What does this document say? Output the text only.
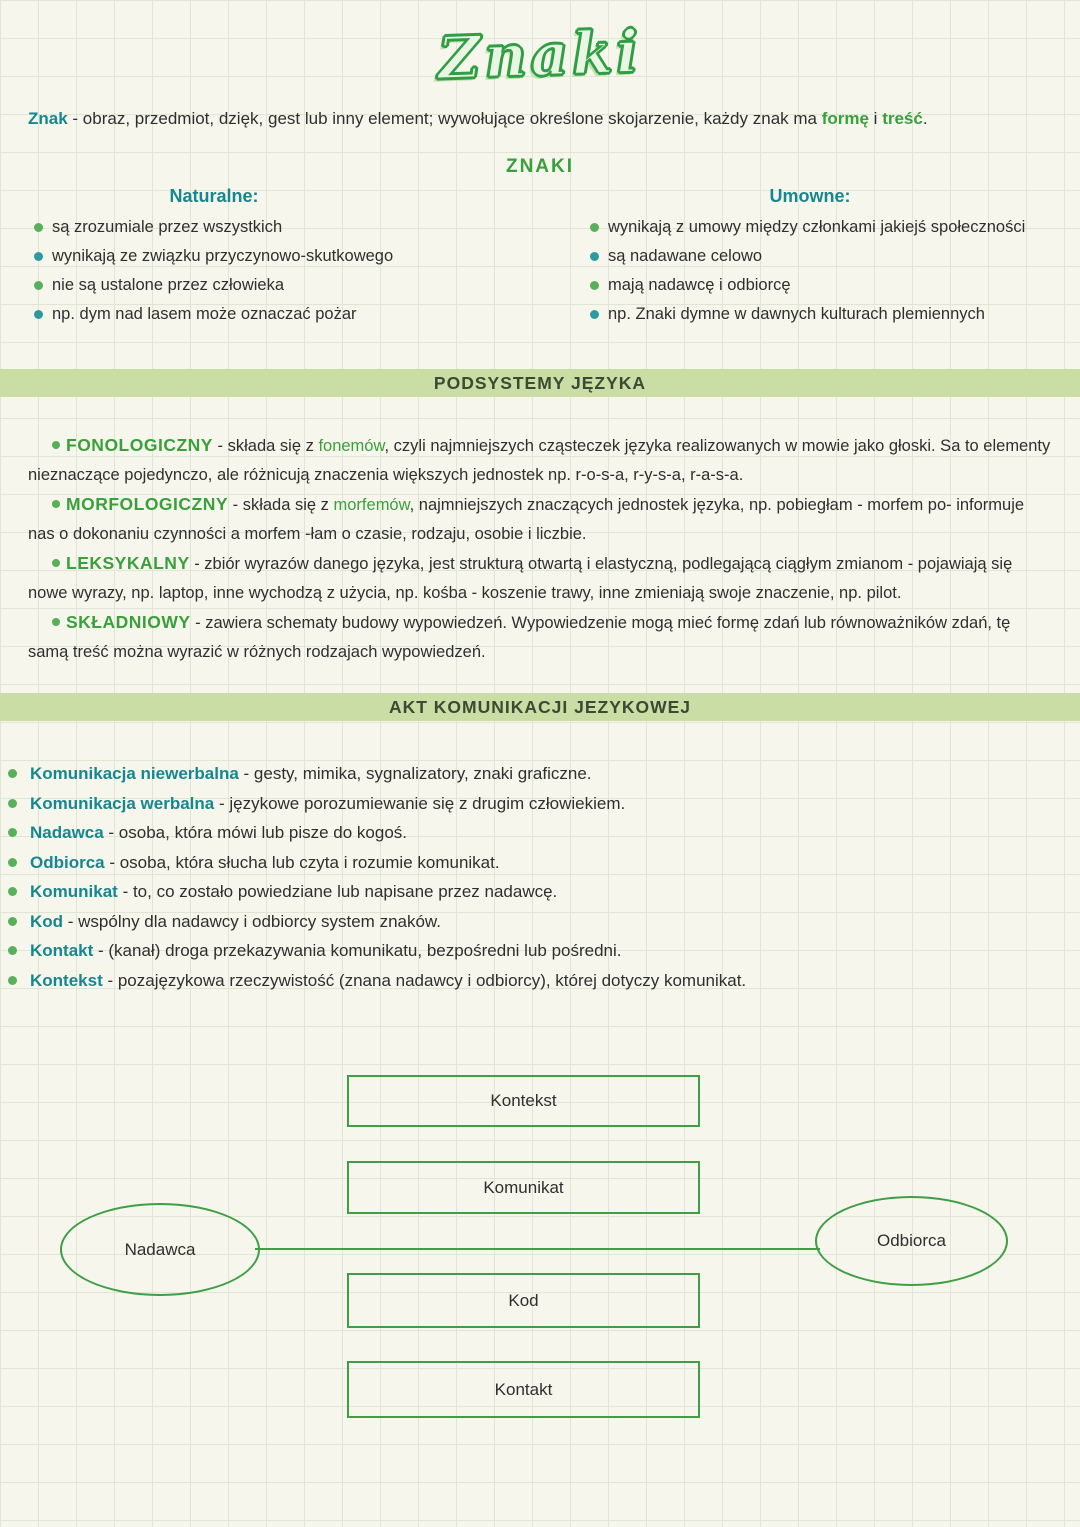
Znaki
Znak - obraz, przedmiot, dzięk, gest lub inny element; wywołujące określone skojarzenie, każdy znak ma formę i treść.
ZNAKI
Naturalne:
są zrozumiale przez wszystkich
wynikają ze związku przyczynowo-skutkowego
nie są ustalone przez człowieka
np. dym nad lasem może oznaczać pożar
Umowne:
wynikają z umowy między członkami jakiejś społeczności
są nadawane celowo
mają nadawcę i odbiorcę
np. Znaki dymne w dawnych kulturach plemiennych
PODSYSTEMY JĘZYKA

FONOLOGICZNY - składa się z fonemów, czyli najmniejszych cząsteczek języka realizowanych w mowie jako głoski. Sa to elementy nieznaczące pojedynczo, ale różnicują znaczenia większych jednostek np. r-o-s-a, r-y-s-a, r-a-s-a.

MORFOLOGICZNY - składa się z morfemów, najmniejszych znaczących jednostek języka, np. pobiegłam - morfem po- informuje nas o dokonaniu czynności a morfem -łam o czasie, rodzaju, osobie i liczbie.

LEKSYKALNY - zbiór wyrazów danego języka, jest strukturą otwartą i elastyczną, podlegającą ciągłym zmianom - pojawiają się nowe wyrazy, np. laptop, inne wychodzą z użycia, np. kośba - koszenie trawy, inne zmieniają swoje znaczenie, np. pilot.

SKŁADNIOWY - zawiera schematy budowy wypowiedzeń. Wypowiedzenie mogą mieć formę zdań lub równoważników zdań, tę samą treść można wyrazić w różnych rodzajach wypowiedzeń.

AKT KOMUNIKACJI JEZYKOWEJ
Komunikacja niewerbalna - gesty, mimika, sygnalizatory, znaki graficzne.
Komunikacja werbalna - językowe porozumiewanie się z drugim człowiekiem.
Nadawca - osoba, która mówi lub pisze do kogoś.
Odbiorca - osoba, która słucha lub czyta i rozumie komunikat.
Komunikat - to, co zostało powiedziane lub napisane przez nadawcę.
Kod - wspólny dla nadawcy i odbiorcy system znaków.
Kontakt - (kanał) droga przekazywania komunikatu, bezpośredni lub pośredni.
Kontekst - pozajęzykowa rzeczywistość (znana nadawcy i odbiorcy), której dotyczy komunikat.
Kontekst
Komunikat
Nadawca	Odbiorca
Kod
Kontakt
